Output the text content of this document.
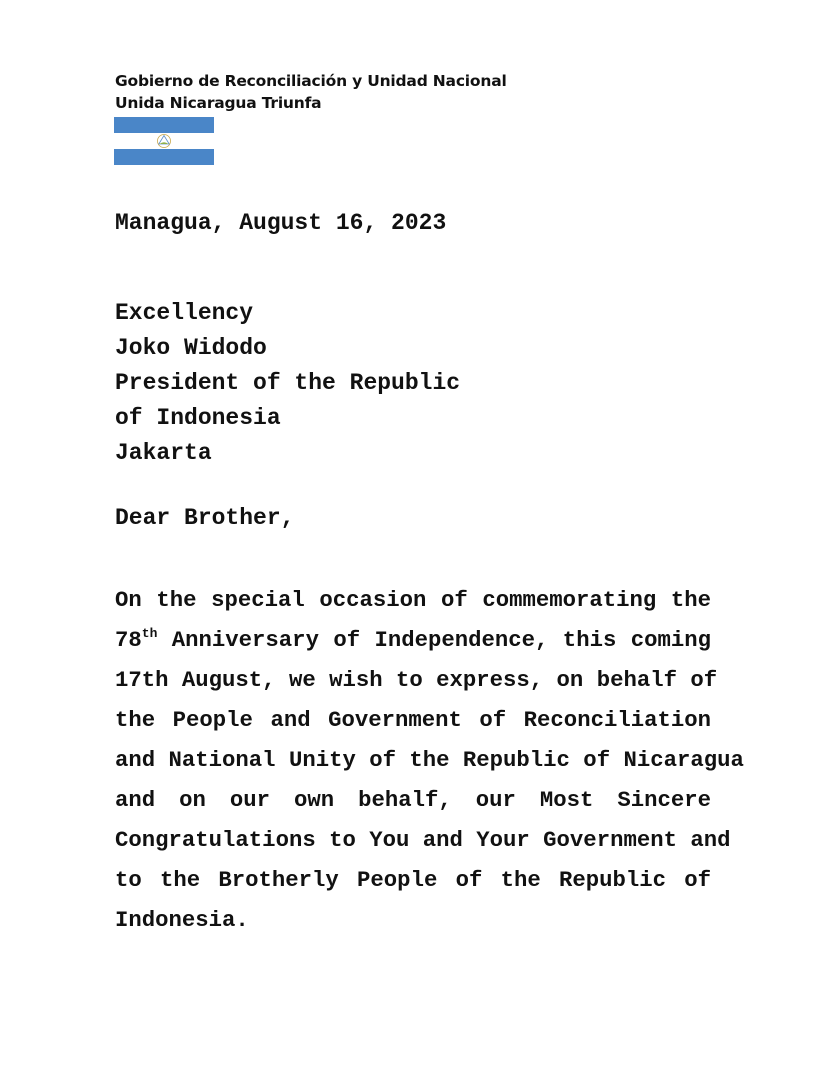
Gobierno de Reconciliación y Unidad Nacional
Unida Nicaragua Triunfa
Managua, August 16, 2023
Excellency
Joko Widodo
President of the Republic
of Indonesia
Jakarta
Dear Brother,
On the special occasion of commemorating the
78th Anniversary of Independence, this coming
17th August, we wish to express, on behalf of
the People and Government of Reconciliation
and National Unity of the Republic of Nicaragua
and on our own behalf, our Most Sincere
Congratulations to You and Your Government and
to the Brotherly People of the Republic of
Indonesia.
